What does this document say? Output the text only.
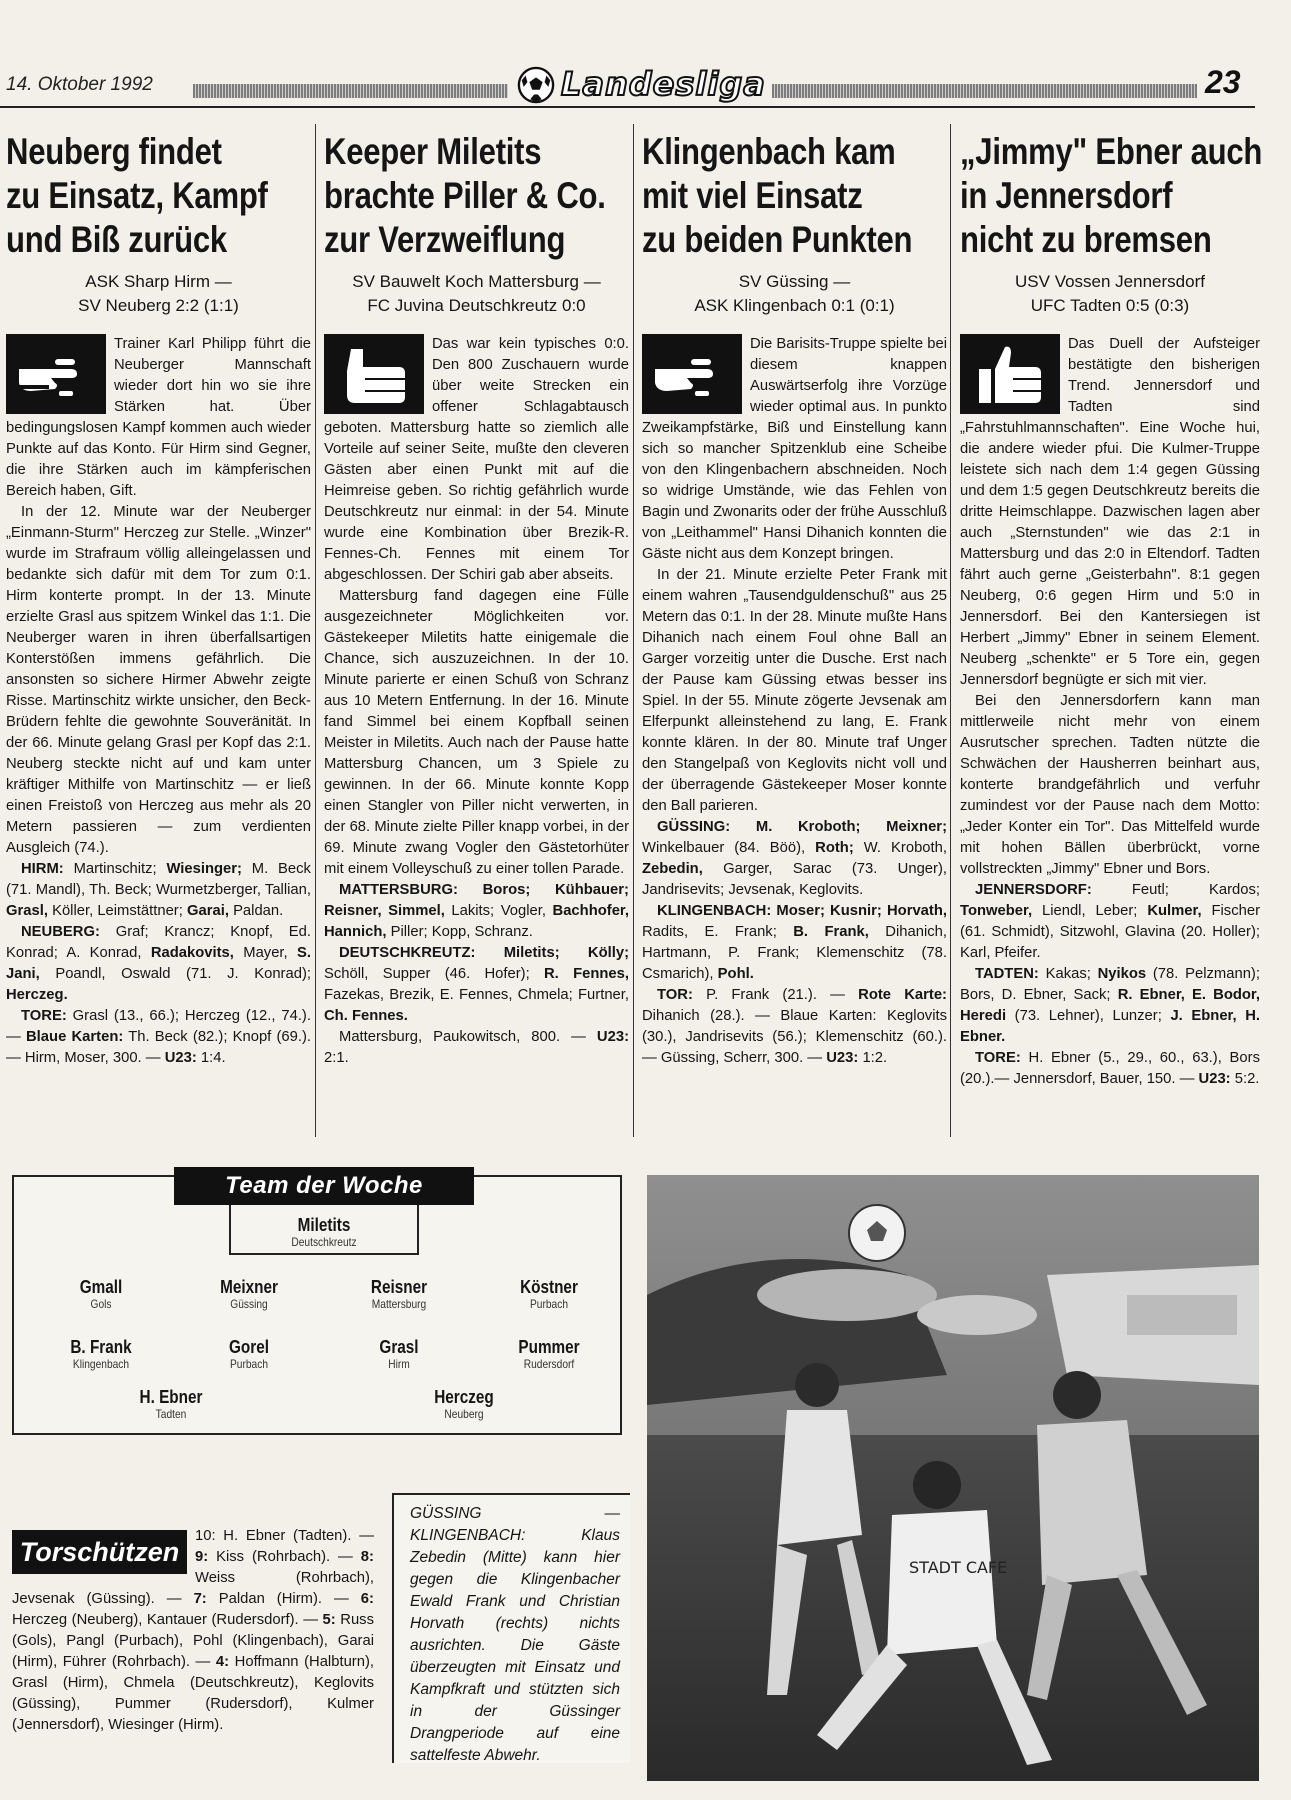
14. Oktober 1992	Landesliga	23
Neuberg findet
zu Einsatz, Kampf
und Biß zurück
ASK Sharp Hirm —
SV Neuberg 2:2 (1:1)

Trainer Karl Philipp führt die Neuberger Mannschaft wieder dort hin wo sie ihre Stärken hat. Über bedingungslosen Kampf kommen auch wieder Punkte auf das Konto. Für Hirm sind Gegner, die ihre Stärken auch im kämpferischen Bereich haben, Gift.

In der 12. Minute war der Neuberger „Einmann-Sturm" Herczeg zur Stelle. „Winzer" wurde im Strafraum völlig alleingelassen und bedankte sich dafür mit dem Tor zum 0:1. Hirm konterte prompt. In der 13. Minute erzielte Grasl aus spitzem Winkel das 1:1. Die Neuberger waren in ihren überfallsartigen Konterstößen immens gefährlich. Die ansonsten so sichere Hirmer Abwehr zeigte Risse. Martinschitz wirkte unsicher, den Beck-Brüdern fehlte die gewohnte Souveränität. In der 66. Minute gelang Grasl per Kopf das 2:1. Neuberg steckte nicht auf und kam unter kräftiger Mithilfe von Martinschitz — er ließ einen Freistoß von Herczeg aus mehr als 20 Metern passieren — zum verdienten Ausgleich (74.).

HIRM: Martinschitz; Wiesinger; M. Beck (71. Mandl), Th. Beck; Wurmetzberger, Tallian, Grasl, Köller, Leimstättner; Garai, Paldan.

NEUBERG: Graf; Krancz; Knopf, Ed. Konrad; A. Konrad, Radakovits, Mayer, S. Jani, Poandl, Oswald (71. J. Konrad); Herczeg.

TORE: Grasl (13., 66.); Herczeg (12., 74.). — Blaue Karten: Th. Beck (82.); Knopf (69.). — Hirm, Moser, 300. — U23: 1:4.

Keeper Miletits
brachte Piller & Co.
zur Verzweiflung
SV Bauwelt Koch Mattersburg —
FC Juvina Deutschkreutz 0:0

Das war kein typisches 0:0. Den 800 Zuschauern wurde über weite Strecken ein offener Schlagabtausch geboten. Mattersburg hatte so ziemlich alle Vorteile auf seiner Seite, mußte den cleveren Gästen aber einen Punkt mit auf die Heimreise geben. So richtig gefährlich wurde Deutschkreutz nur einmal: in der 54. Minute wurde eine Kombination über Brezik-R. Fennes-Ch. Fennes mit einem Tor abgeschlossen. Der Schiri gab aber abseits.

Mattersburg fand dagegen eine Fülle ausgezeichneter Möglichkeiten vor. Gästekeeper Miletits hatte einigemale die Chance, sich auszuzeichnen. In der 10. Minute parierte er einen Schuß von Schranz aus 10 Metern Entfernung. In der 16. Minute fand Simmel bei einem Kopfball seinen Meister in Miletits. Auch nach der Pause hatte Mattersburg Chancen, um 3 Spiele zu gewinnen. In der 66. Minute konnte Kopp einen Stangler von Piller nicht verwerten, in der 68. Minute zielte Piller knapp vorbei, in der 69. Minute zwang Vogler den Gästetorhüter mit einem Volleyschuß zu einer tollen Parade.

MATTERSBURG: Boros; Kühbauer; Reisner, Simmel, Lakits; Vogler, Bachhofer, Hannich, Piller; Kopp, Schranz.

DEUTSCHKREUTZ: Miletits; Kölly; Schöll, Supper (46. Hofer); R. Fennes, Fazekas, Brezik, E. Fennes, Chmela; Furtner, Ch. Fennes.

Mattersburg, Paukowitsch, 800. — U23: 2:1.

Klingenbach kam
mit viel Einsatz
zu beiden Punkten
SV Güssing —
ASK Klingenbach 0:1 (0:1)

Die Barisits-Truppe spielte bei diesem knappen Auswärtserfolg ihre Vorzüge wieder optimal aus. In punkto Zweikampfstärke, Biß und Einstellung kann sich so mancher Spitzenklub eine Scheibe von den Klingenbachern abschneiden. Noch so widrige Umstände, wie das Fehlen von Bagin und Zwonarits oder der frühe Ausschluß von „Leithammel" Hansi Dihanich konnten die Gäste nicht aus dem Konzept bringen.

In der 21. Minute erzielte Peter Frank mit einem wahren „Tausendguldenschuß" aus 25 Metern das 0:1. In der 28. Minute mußte Hans Dihanich nach einem Foul ohne Ball an Garger vorzeitig unter die Dusche. Erst nach der Pause kam Güssing etwas besser ins Spiel. In der 55. Minute zögerte Jevsenak am Elferpunkt alleinstehend zu lang, E. Frank konnte klären. In der 80. Minute traf Unger den Stangelpaß von Keglovits nicht voll und der überragende Gästekeeper Moser konnte den Ball parieren.

GÜSSING: M. Kroboth; Meixner; Winkelbauer (84. Böö), Roth; W. Kroboth, Zebedin, Garger, Sarac (73. Unger), Jandrisevits; Jevsenak, Keglovits.

KLINGENBACH: Moser; Kusnir; Horvath, Radits, E. Frank; B. Frank, Dihanich, Hartmann, P. Frank; Klemenschitz (78. Csmarich), Pohl.

TOR: P. Frank (21.). — Rote Karte: Dihanich (28.). — Blaue Karten: Keglovits (30.), Jandrisevits (56.); Klemenschitz (60.). — Güssing, Scherr, 300. — U23: 1:2.

„Jimmy" Ebner auch
in Jennersdorf
nicht zu bremsen
USV Vossen Jennersdorf
UFC Tadten 0:5 (0:3)

Das Duell der Aufsteiger bestätigte den bisherigen Trend. Jennersdorf und Tadten sind „Fahrstuhlmannschaften". Eine Woche hui, die andere wieder pfui. Die Kulmer-Truppe leistete sich nach dem 1:4 gegen Güssing und dem 1:5 gegen Deutschkreutz bereits die dritte Heimschlappe. Dazwischen lagen aber auch „Sternstunden" wie das 2:1 in Mattersburg und das 2:0 in Eltendorf. Tadten fährt auch gerne „Geisterbahn". 8:1 gegen Neuberg, 0:6 gegen Hirm und 5:0 in Jennersdorf. Bei den Kantersiegen ist Herbert „Jimmy" Ebner in seinem Element. Neuberg „schenkte" er 5 Tore ein, gegen Jennersdorf begnügte er sich mit vier.

Bei den Jennersdorfern kann man mittlerweile nicht mehr von einem Ausrutscher sprechen. Tadten nützte die Schwächen der Hausherren beinhart aus, konterte brandgefährlich und verfuhr zumindest vor der Pause nach dem Motto: „Jeder Konter ein Tor". Das Mittelfeld wurde mit hohen Bällen überbrückt, vorne vollstreckten „Jimmy" Ebner und Bors.

JENNERSDORF:	Feutl; Kardos; Tonweber, Liendl, Leber; Kulmer, Fischer (61. Schmidt), Sitzwohl, Glavina (20. Holler); Karl, Pfeifer.

TADTEN: Kakas; Nyikos (78. Pelzmann); Bors, D. Ebner, Sack; R. Ebner, E. Bodor, Heredi (73. Lehner), Lunzer; J. Ebner, H. Ebner.

TORE: H. Ebner (5., 29., 60., 63.), Bors (20.).— Jennersdorf, Bauer, 150. — U23: 5:2.

Team der Woche
Miletits
Deutschkreutz
Gmall
Gols
Meixner
Güssing
Reisner
Mattersburg
Köstner
Purbach
B. Frank
Klingenbach
Gorel
Purbach
Grasl
Hirm
Pummer
Rudersdorf
H. Ebner
Tadten
Herczeg
Neuberg
Torschützen
10: H. Ebner (Tadten). — 9: Kiss (Rohrbach). — 8: Weiss (Rohrbach), Jevsenak (Güssing). — 7: Paldan (Hirm). — 6: Herczeg (Neuberg), Kantauer (Rudersdorf). — 5: Russ (Gols), Pangl (Purbach), Pohl (Klingenbach), Garai (Hirm), Führer (Rohrbach). — 4: Hoffmann (Halbturn), Grasl (Hirm), Chmela (Deutschkreutz), Keglovits (Güssing), Pummer (Rudersdorf), Kulmer (Jennersdorf), Wiesinger (Hirm).
GÜSSING — KLINGENBACH: Klaus Zebedin (Mitte) kann hier gegen die Klingenbacher Ewald Frank und Christian Horvath (rechts) nichts ausrichten. Die Gäste überzeugten mit Einsatz und Kampfkraft und stützten sich in der Güssinger Drangperiode auf eine sattelfeste Abwehr.
STADT CAFE
